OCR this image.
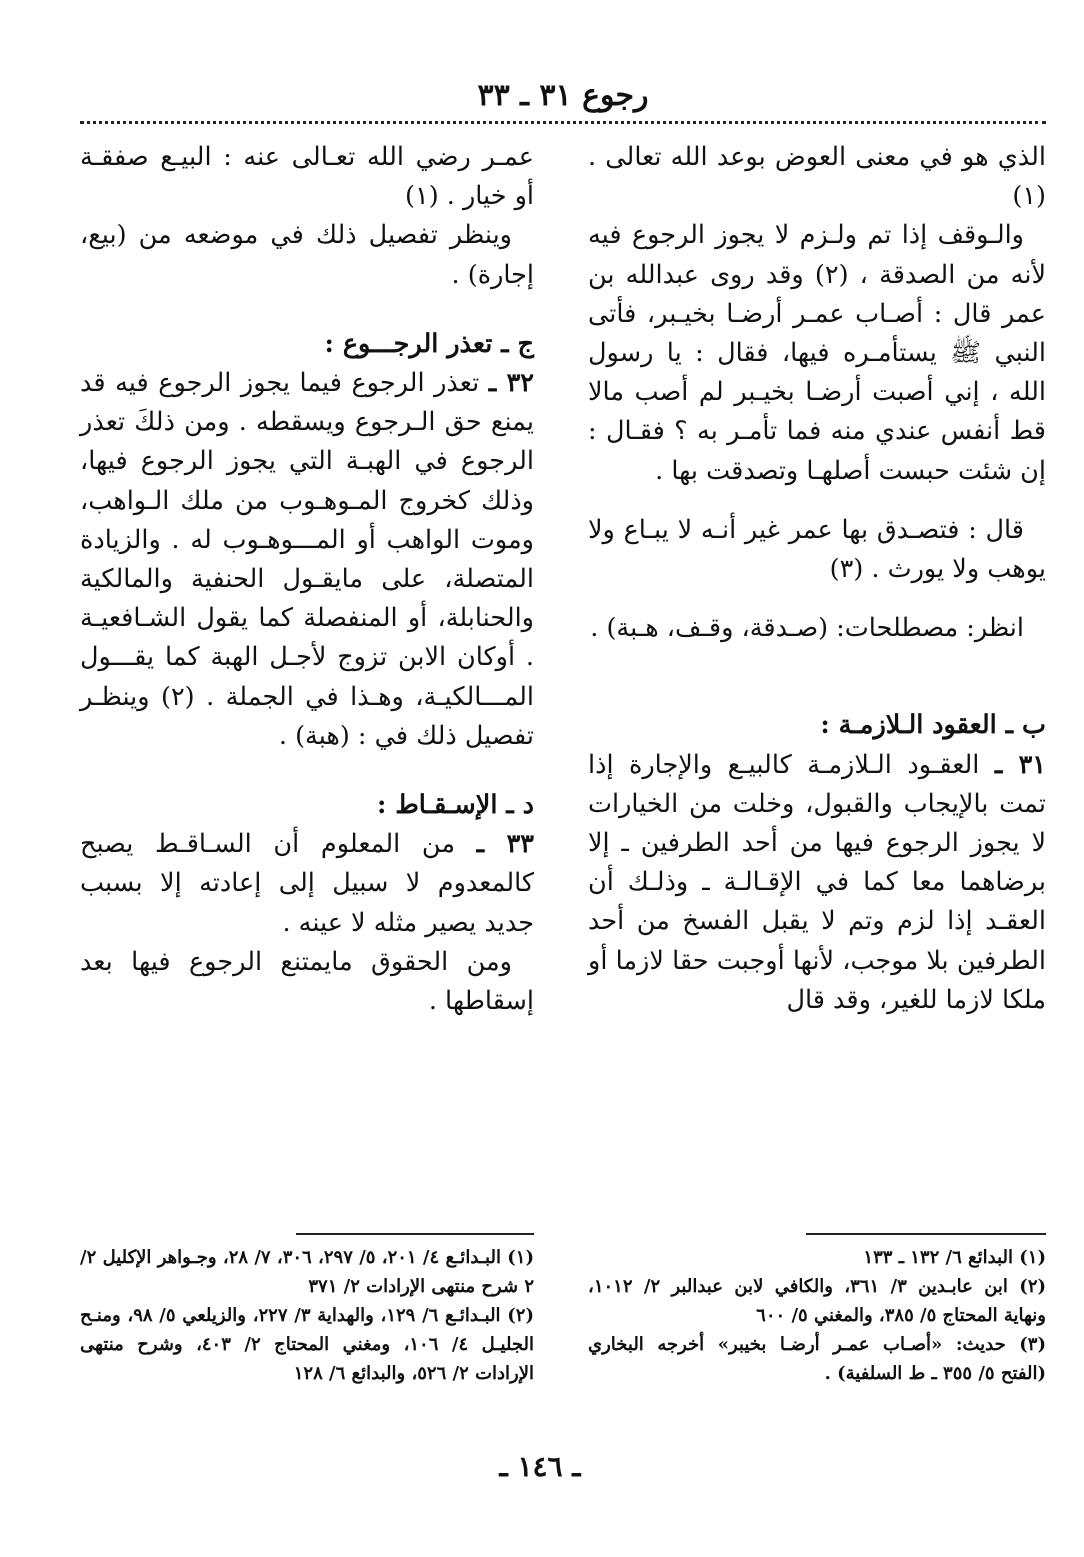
رجوع ٣١ ـ ٣٣

الذي هو في معنى العوض بوعد الله تعالى . (١)

والـوقف إذا تم ولـزم لا يجوز الرجوع فيه لأنه من الصدقة ، (٢) وقد روى عبدالله بن عمر قال : أصـاب عمـر أرضـا بخيـبر، فأتى النبي ﷺ يستأمـره فيها، فقال : يا رسول الله ، إني أصبت أرضـا بخيـبر لم أصب مالا قط أنفس عندي منه فما تأمـر به ؟ فقـال : إن شئت حبست أصلهـا وتصدقت بها .

قال : فتصـدق بها عمر غير أنـه لا يبـاع ولا يوهب ولا يورث . (٣)

انظر: مصطلحات: (صـدقة، وقـف، هـبة) .

ب ـ العقود الـلازمـة :

٣١ ـ العقـود الـلازمـة كالبيـع والإجارة إذا تمت بالإيجاب والقبول، وخلت من الخيارات لا يجوز الرجوع فيها من أحد الطرفين ـ إلا برضاهما معا كما في الإقـالـة ـ وذلـك أن العقـد إذا لزم وتم لا يقبل الفسخ من أحد الطرفين بلا موجب، لأنها أوجبت حقا لازما أو ملكا لازما للغير، وقد قال

عمـر رضي الله تعـالى عنه : البيـع صفقـة أو خيار . (١)

وينظر تفصيل ذلك في موضعه من (بيع، إجارة) .

ج ـ تعذر الرجـــوع :

٣٢ ـ تعذر الرجوع فيما يجوز الرجوع فيه قد يمنع حق الـرجوع ويسقطه . ومن ذلكَ تعذر الرجوع في الهبـة التي يجوز الرجوع فيها، وذلك كخروج المـوهـوب من ملك الـواهب، وموت الواهب أو المـــوهـوب له . والزيادة المتصلة، على مايقـول الحنفية والمالكية والحنابلة، أو المنفصلة كما يقول الشـافعيـة . أوكان الابن تزوج لأجـل الهبة كما يقـــول المـــالكيـة، وهـذا في الجملة . (٢) وينظـر تفصيل ذلك في : (هبة) .

د ـ الإسـقـاط :

٣٣ ـ من المعلوم أن السـاقـط يصبح كالمعدوم لا سبيل إلى إعادته إلا بسبب جديد يصير مثله لا عينه .

ومن الحقوق مايمتنع الرجوع فيها بعد إسقاطها .

(١) البدائع ٦/ ١٣٢ ـ ١٣٣

(٢) ابن عابـدين ٣/ ٣٦١، والكافي لابن عبدالبر ٢/ ١٠١٢، ونهاية المحتاج ٥/ ٣٨٥، والمغني ٥/ ٦٠٠

(٣) حديث: «أصـاب عمـر أرضـا بخيبر» أخرجه البخاري (الفتح ٥/ ٣٥٥ ـ ط السلفية) .

(١) البـدائـع ٤/ ٢٠١، ٥/ ٢٩٧، ٣٠٦، ٧/ ٢٨، وجـواهر الإكليل ٢/ ٢ شرح منتهى الإرادات ٢/ ٣٧١

(٢) البـدائـع ٦/ ١٢٩، والهداية ٣/ ٢٢٧، والزيلعي ٥/ ٩٨، ومنـح الجليـل ٤/ ١٠٦، ومغني المحتاج ٢/ ٤٠٣، وشرح منتهى الإرادات ٢/ ٥٢٦، والبدائع ٦/ ١٢٨

ـ ١٤٦ ـ
